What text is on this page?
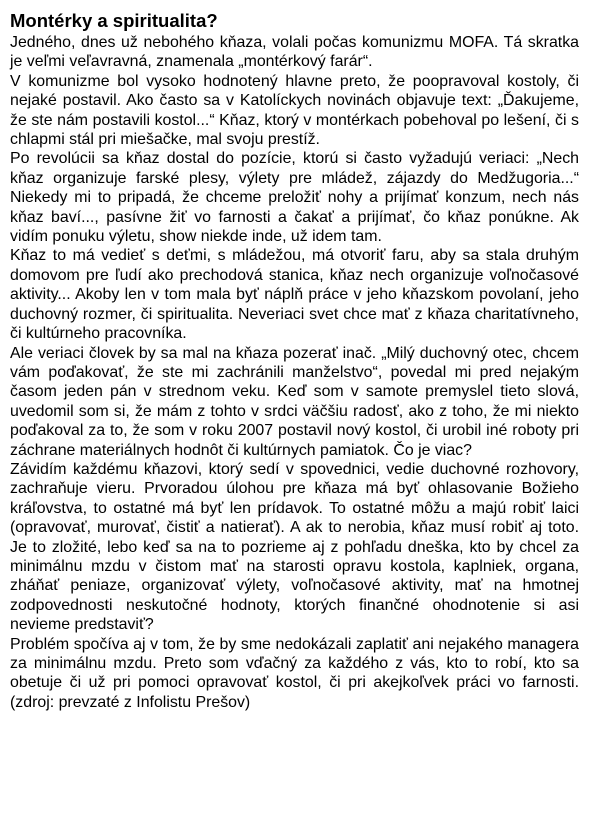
Montérky a spiritualita?

Jedného, dnes už nebohého kňaza, volali počas komunizmu MOFA. Tá skratka je veľmi veľavravná, znamenala „montérkový farár“.

V komunizme bol vysoko hodnotený hlavne preto, že poopravoval kostoly, či nejaké postavil. Ako často sa v Katolíckych novinách objavuje text: „Ďakujeme, že ste nám postavili kostol...“ Kňaz, ktorý v montérkach pobehoval po lešení, či s chlapmi stál pri miešačke, mal svoju prestíž.

Po revolúcii sa kňaz dostal do pozície, ktorú si často vyžadujú veriaci: „Nech kňaz organizuje farské plesy, výlety pre mládež, zájazdy do Medžugoria...“ Niekedy mi to pripadá, že chceme preložiť nohy a prijímať konzum, nech nás kňaz baví..., pasívne žiť vo farnosti a čakať a prijímať, čo kňaz ponúkne. Ak vidím ponuku výletu, show niekde inde, už idem tam.

Kňaz to má vedieť s deťmi, s mládežou, má otvoriť faru, aby sa stala druhým domovom pre ľudí ako prechodová stanica, kňaz nech organizuje voľnočasové aktivity... Akoby len v tom mala byť náplň práce v jeho kňazskom povolaní, jeho duchovný rozmer, či spiritualita. Neveriaci svet chce mať z kňaza charitatívneho, či kultúrneho pracovníka.

Ale veriaci človek by sa mal na kňaza pozerať inač. „Milý duchovný otec, chcem vám poďakovať, že ste mi zachránili manželstvo“, povedal mi pred nejakým časom jeden pán v strednom veku. Keď som v samote premyslel tieto slová, uvedomil som si, že mám z tohto v srdci väčšiu radosť, ako z toho, že mi niekto poďakoval za to, že som v roku 2007 postavil nový kostol, či urobil iné roboty pri záchrane materiálnych hodnôt či kultúrnych pamiatok. Čo je viac?

Závidím každému kňazovi, ktorý sedí v spovednici, vedie duchovné rozhovory, zachraňuje vieru. Prvoradou úlohou pre kňaza má byť ohlasovanie Božieho kráľovstva, to ostatné má byť len prídavok. To ostatné môžu a majú robiť laici (opravovať, murovať, čistiť a natierať). A ak to nerobia, kňaz musí robiť aj toto. Je to zložité, lebo keď sa na to pozrieme aj z pohľadu dneška, kto by chcel za minimálnu mzdu v čistom mať na starosti opravu kostola, kaplniek, organa, zháňať peniaze, organizovať výlety, voľnočasové aktivity, mať na hmotnej zodpovednosti neskutočné hodnoty, ktorých finančné ohodnotenie si asi nevieme predstaviť?

Problém spočíva aj v tom, že by sme nedokázali zaplatiť ani nejakého managera za minimálnu mzdu. Preto som vďačný za každého z vás, kto to robí, kto sa obetuje či už pri pomoci opravovať kostol, či pri akejkoľvek práci vo farnosti. (zdroj: prevzaté z Infolistu Prešov)
